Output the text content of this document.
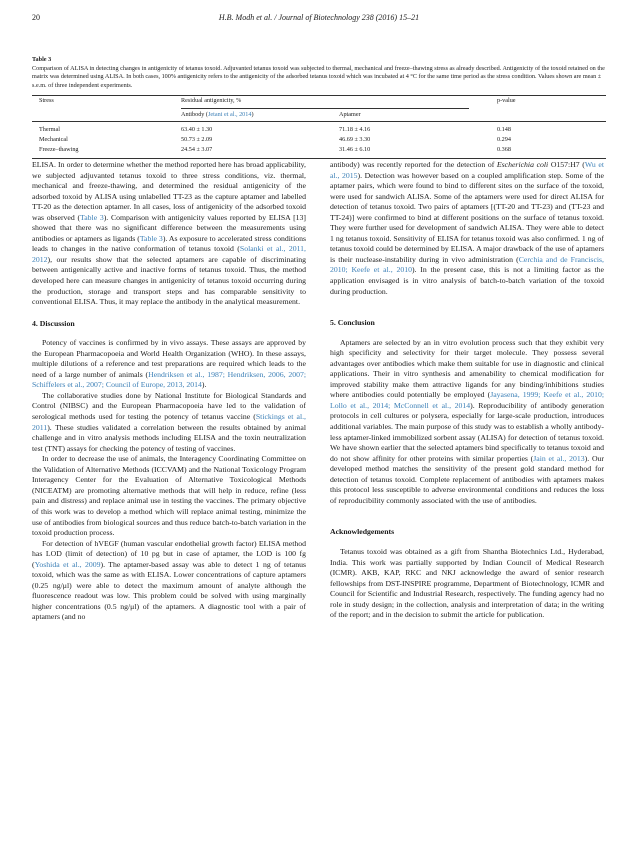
20	H.B. Modh et al. / Journal of Biotechnology 238 (2016) 15–21
Table 3
Comparison of ALISA in detecting changes in antigenicity of tetanus toxoid. Adjuvanted tetanus toxoid was subjected to thermal, mechanical and freeze–thawing stress as already described. Antigenicity of the toxoid retained on the matrix was determined using ALISA. In both cases, 100% antigenicity refers to the antigenicity of the adsorbed tetanus toxoid which was incubated at 4 °C for the same time period as the stress condition. Values shown are mean ± s.e.m. of three independent experiments.
Stress	Residual antigenicity, %	p-value
Antibody (Jetani et al., 2014)	Aptamer
Thermal	63.40 ± 1.30	71.18 ± 4.16	0.148
Mechanical	50.73 ± 2.09	46.69 ± 3.30	0.294
Freeze–thawing	24.54 ± 3.07	31.46 ± 6.10	0.368

ELISA. In order to determine whether the method reported here has broad applicability, we subjected adjuvanted tetanus toxoid to three stress conditions, viz. thermal, mechanical and freeze-thawing, and determined the residual antigenicity of the adsorbed toxoid by ALISA using unlabelled TT-23 as the capture aptamer and labelled TT-20 as the detection aptamer. In all cases, loss of antigenicity of the adsorbed toxoid was observed (Table 3). Comparison with antigenicity values reported by ELISA [13] showed that there was no significant difference between the measurements using antibodies or aptamers as ligands (Table 3). As exposure to accelerated stress conditions leads to changes in the native conformation of tetanus toxoid (Solanki et al., 2011, 2012), our results show that the selected aptamers are capable of discriminating between antigenically active and inactive forms of tetanus toxoid. Thus, the method developed here can measure changes in antigenicity of tetanus toxoid occurring during the production, storage and transport steps and has comparable sensitivity to conventional ELISA. Thus, it may replace the antibody in the analytical measurement.

4. Discussion

Potency of vaccines is confirmed by in vivo assays. These assays are approved by the European Pharmacopoeia and World Health Organization (WHO). In these assays, multiple dilutions of a reference and test preparations are required which leads to the need of a large number of animals (Hendriksen et al., 1987; Hendriksen, 2006, 2007; Schiffelers et al., 2007; Council of Europe, 2013, 2014).

The collaborative studies done by National Institute for Biological Standards and Control (NIBSC) and the European Pharmacopoeia have led to the validation of serological methods used for testing the potency of tetanus vaccine (Stickings et al., 2011). These studies validated a correlation between the results obtained by animal challenge and in vitro analysis methods including ELISA and the toxin neutralization test (TNT) assays for checking the potency of testing of vaccines.

In order to decrease the use of animals, the Interagency Coordinating Committee on the Validation of Alternative Methods (ICCVAM) and the National Toxicology Program Interagency Center for the Evaluation of Alternative Toxicological Methods (NICEATM) are promoting alternative methods that will help in reduce, refine (less pain and distress) and replace animal use in testing the vaccines. The primary objective of this work was to develop a method which will replace animal testing, minimize the use of antibodies from biological sources and thus reduce batch-to-batch variation in the toxoid production process.

For detection of hVEGF (human vascular endothelial growth factor) ELISA method has LOD (limit of detection) of 10 pg but in case of aptamer, the LOD is 100 fg (Yoshida et al., 2009). The aptamer-based assay was able to detect 1 ng of tetanus toxoid, which was the same as with ELISA. Lower concentrations of capture aptamers (0.25 ng/μl) were able to detect the maximum amount of analyte although the fluorescence readout was low. This problem could be solved with using marginally higher concentrations (0.5 ng/μl) of the aptamers. A diagnostic tool with a pair of aptamers (and no

antibody) was recently reported for the detection of Escherichia coli O157:H7 (Wu et al., 2015). Detection was however based on a coupled amplification step. Some of the aptamer pairs, which were found to bind to different sites on the surface of the toxoid, were used for sandwich ALISA. Some of the aptamers were used for direct ALISA for detection of tetanus toxoid. Two pairs of aptamers [(TT-20 and TT-23) and (TT-23 and TT-24)] were confirmed to bind at different positions on the surface of tetanus toxoid. They were further used for development of sandwich ALISA. They were able to detect 1 ng tetanus toxoid. Sensitivity of ELISA for tetanus toxoid was also confirmed. 1 ng of tetanus toxoid could be determined by ELISA. A major drawback of the use of aptamers is their nuclease-instability during in vivo administration (Cerchia and de Franciscis, 2010; Keefe et al., 2010). In the present case, this is not a limiting factor as the application envisaged is in vitro analysis of batch-to-batch variation of the toxoid during production.

5. Conclusion

Aptamers are selected by an in vitro evolution process such that they exhibit very high specificity and selectivity for their target molecule. They possess several advantages over antibodies which make them suitable for use in diagnostic and clinical applications. Their in vitro synthesis and amenability to chemical modification for improved stability make them attractive ligands for any binding/inhibitions studies where antibodies could potentially be employed (Jayasena, 1999; Keefe et al., 2010; Lollo et al., 2014; McConnell et al., 2014). Reproducibility of antibody generation protocols in cell cultures or polysera, especially for large-scale production, introduces additional variables. The main purpose of this study was to establish a wholly antibody-less aptamer-linked immobilized sorbent assay (ALISA) for detection of tetanus toxoid. We have shown earlier that the selected aptamers bind specifically to tetanus toxoid and do not show affinity for other proteins with similar properties (Jain et al., 2013). Our developed method matches the sensitivity of the present gold standard method for detection of tetanus toxoid. Complete replacement of antibodies with aptamers makes this protocol less susceptible to adverse environmental conditions and reduces the loss of reproducibility commonly associated with the use of antibodies.

Acknowledgements

Tetanus toxoid was obtained as a gift from Shantha Biotechnics Ltd., Hyderabad, India. This work was partially supported by Indian Council of Medical Research (ICMR). AKB, KAP, RKC and NKJ acknowledge the award of senior research fellowships from DST-INSPIRE programme, Department of Biotechnology, ICMR and Council for Scientific and Industrial Research, respectively. The funding agency had no role in study design; in the collection, analysis and interpretation of data; in the writing of the report; and in the decision to submit the article for publication.
